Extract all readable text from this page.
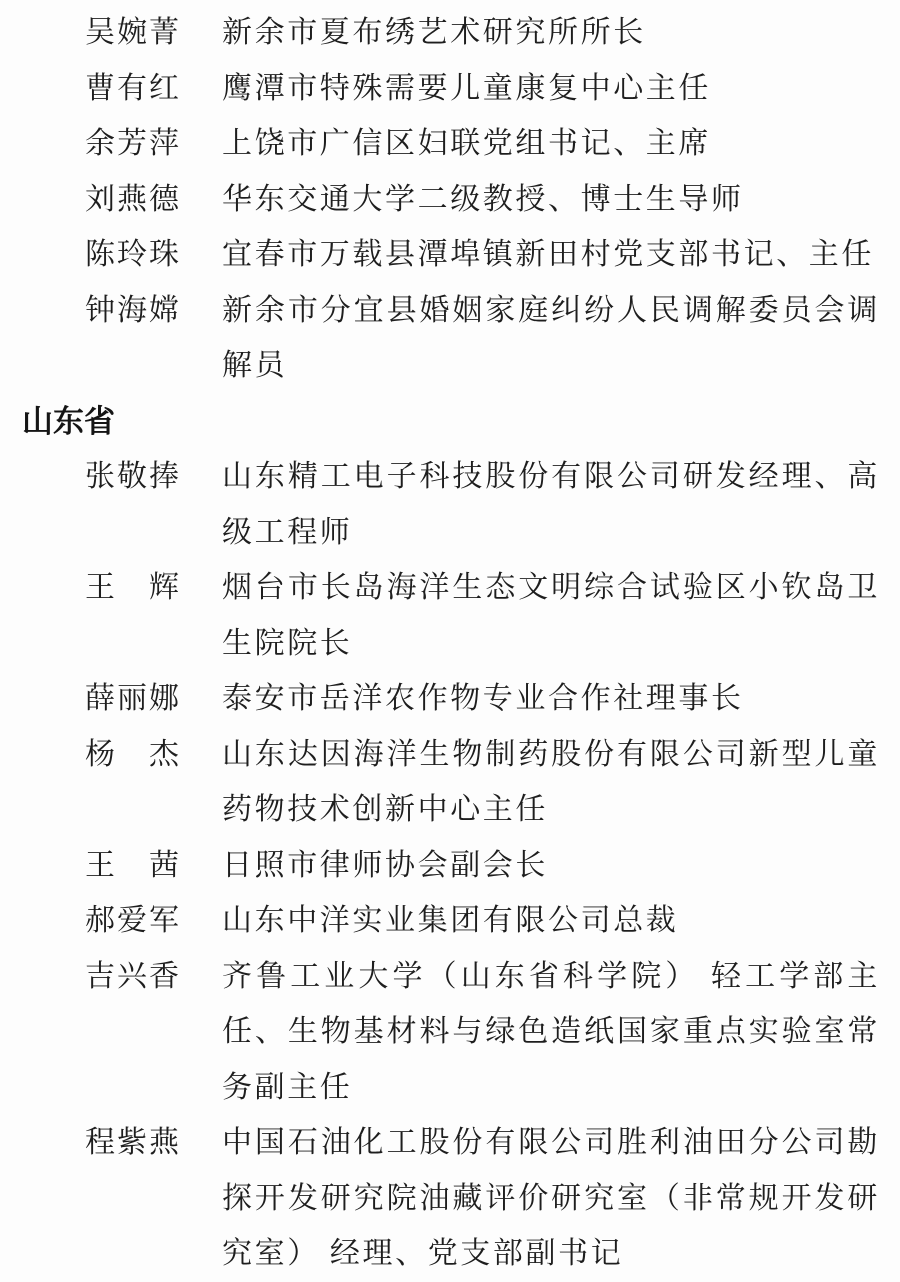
吴婉菁 新余市夏布绣艺术研究所所长
曹有红 鹰潭市特殊需要儿童康复中心主任
余芳萍 上饶市广信区妇联党组书记、主席
刘燕德 华东交通大学二级教授、博士生导师
陈玲珠 宜春市万载县潭埠镇新田村党支部书记、主任
钟海嫦 新余市分宜县婚姻家庭纠纷人民调解委员会调解员
山东省
张敬捧 山东精工电子科技股份有限公司研发经理、高级工程师
王　辉 烟台市长岛海洋生态文明综合试验区小钦岛卫生院院长
薛丽娜 泰安市岳洋农作物专业合作社理事长
杨　杰 山东达因海洋生物制药股份有限公司新型儿童药物技术创新中心主任
王　茜 日照市律师协会副会长
郝爱军 山东中洋实业集团有限公司总裁
吉兴香 齐鲁工业大学（山东省科学院） 轻工学部主任、生物基材料与绿色造纸国家重点实验室常务副主任
程紫燕 中国石油化工股份有限公司胜利油田分公司勘探开发研究院油藏评价研究室（非常规开发研究室） 经理、党支部副书记
